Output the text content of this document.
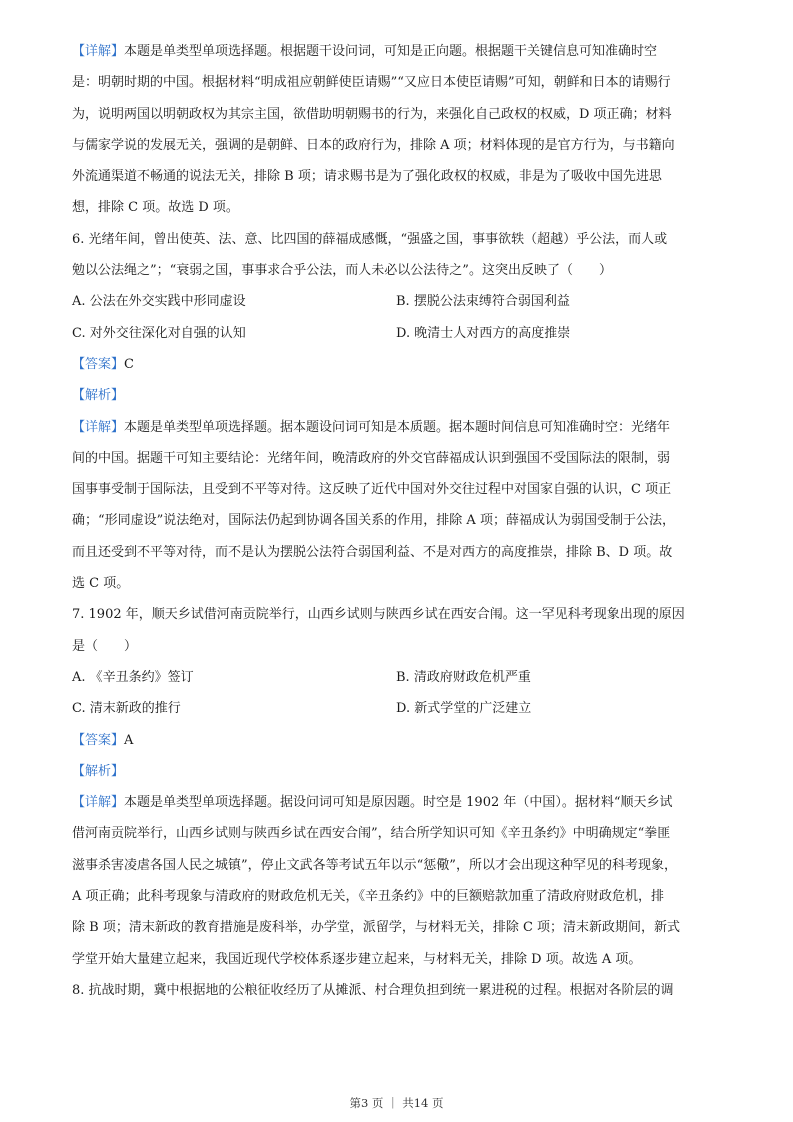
【详解】本题是单类型单项选择题。根据题干设问词，可知是正向题。根据题干关键信息可知准确时空
是：明朝时期的中国。根据材料“明成祖应朝鲜使臣请赐”“又应日本使臣请赐”可知，朝鲜和日本的请赐行
为，说明两国以明朝政权为其宗主国，欲借助明朝赐书的行为，来强化自己政权的权威，D 项正确；材料
与儒家学说的发展无关，强调的是朝鲜、日本的政府行为，排除 A 项；材料体现的是官方行为，与书籍向
外流通渠道不畅通的说法无关，排除 B 项；请求赐书是为了强化政权的权威，非是为了吸收中国先进思
想，排除 C 项。故选 D 项。
6. 光绪年间，曾出使英、法、意、比四国的薛福成感慨，“强盛之国，事事欲轶（超越）乎公法，而人或
勉以公法绳之”；“衰弱之国，事事求合乎公法，而人未必以公法待之”。这突出反映了（　　）
A. 公法在外交实践中形同虚设	B. 摆脱公法束缚符合弱国利益
C. 对外交往深化对自强的认知	D. 晚清士人对西方的高度推崇
【答案】C
【解析】
【详解】本题是单类型单项选择题。据本题设问词可知是本质题。据本题时间信息可知准确时空：光绪年
间的中国。据题干可知主要结论：光绪年间，晚清政府的外交官薛福成认识到强国不受国际法的限制，弱
国事事受制于国际法，且受到不平等对待。这反映了近代中国对外交往过程中对国家自强的认识，C 项正
确；“形同虚设”说法绝对，国际法仍起到协调各国关系的作用，排除 A 项；薛福成认为弱国受制于公法，
而且还受到不平等对待，而不是认为摆脱公法符合弱国利益、不是对西方的高度推崇，排除 B、D 项。故
选 C 项。
7. 1902 年，顺天乡试借河南贡院举行，山西乡试则与陕西乡试在西安合闱。这一罕见科考现象出现的原因
是（　　）
A. 《辛丑条约》签订	B. 清政府财政危机严重
C. 清末新政的推行	D. 新式学堂的广泛建立
【答案】A
【解析】
【详解】本题是单类型单项选择题。据设问词可知是原因题。时空是 1902 年（中国）。据材料“顺天乡试
借河南贡院举行，山西乡试则与陕西乡试在西安合闱”，结合所学知识可知《辛丑条约》中明确规定“拳匪
滋事杀害凌虐各国人民之城镇”，停止文武各等考试五年以示“惩儆”，所以才会出现这种罕见的科考现象，
A 项正确；此科考现象与清政府的财政危机无关，《辛丑条约》中的巨额赔款加重了清政府财政危机，排
除 B 项；清末新政的教育措施是废科举，办学堂，派留学，与材料无关，排除 C 项；清末新政期间，新式
学堂开始大量建立起来，我国近现代学校体系逐步建立起来，与材料无关，排除 D 项。故选 A 项。
8. 抗战时期，冀中根据地的公粮征收经历了从摊派、村合理负担到统一累进税的过程。根据对各阶层的调
第3 页 ｜ 共14 页
